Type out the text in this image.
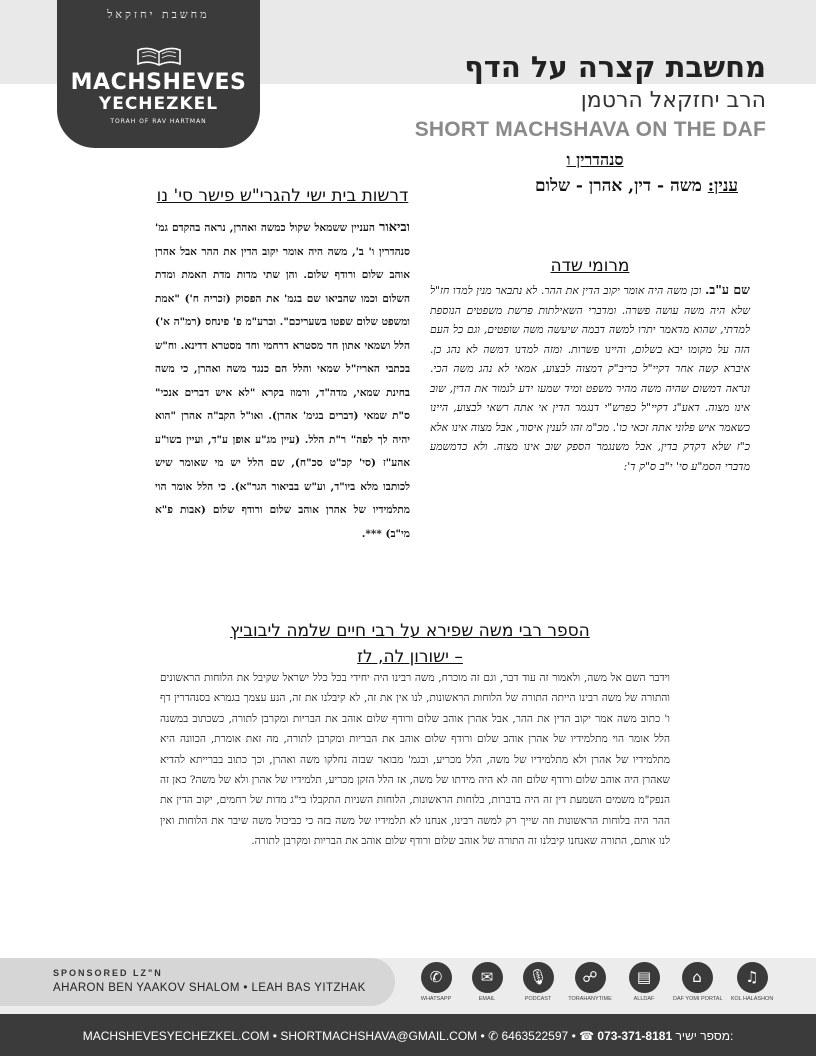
מחשבת יחזקאל
MACHSHEVES
YECHEZKEL
TORAH OF RAV HARTMAN
מחשבת קצרה על הדף
הרב יחזקאל הרטמן
SHORT MACHSHAVA ON THE DAF
סנהדרין ו
ענין: משה - דין, אהרן - שלום
דרשות בית ישי להגרי"ש פישר סי' נו

וביאור העניין ששמאל שקול כמשה ואהרן, נראה בהקדם גמ' סנהדרין ו' ב', משה היה אומר יקוב הדין את ההר אבל אהרן אוהב שלום ורודף שלום. והן שתי מדות מדת האמת ומדת השלום וכמו שהביאו שם בגמ' את הפסוק (זכריה ח') "אמת ומשפט שלום שפטו בשעריכם". וברע"מ פ' פינחס (רמ"ה א') הלל ושמאי אתון חד מסטרא דרחמי וחד מסטרא דדינא. וח"ש בכתבי האריז"ל שמאי והלל הם כנגד משה ואהרן, כי משה בחינת שמאי, מדה"ד, ורמוז בקרא "לא איש דברים אנכי" ס"ת שמאי (דברים בגימ' אהרן). ואו"ל הקב"ה אהרן "הוא יהיה לך לפה" ר"ת הלל. (עיין מג"ע אופן ע"ד, ועיין בשו"ע אהע"ז (סי' קכ"ט סכ"ח), שם הלל יש מי שאומר שיש לכותבו מלא ביו"ד, וע"ש בביאור הגר"א). כי הלל אומר הוי מתלמידיו של אהרן אוהב שלום ורודף שלום (אבות פ"א מי"ב) ***.

מרומי שדה

שם ע"ב. וכן משה היה אומר יקוב הדין את ההר. לא נתבאר מנין למדו חז"ל שלא היה משה עושה פשרה. ומדברי השאילתות פרשת משפטים הנוספת למדתי, שהוא מדאמר יתרו למשה דבמה שיעשה משה שופטים, וגם כל העם הזה על מקומו יבא בשלום, והיינו פשרות. ומזה למדנו דמשה לא נהג כן. איברא קשה אחר דקיי"ל כריב"ק דמצוה לבצוע, אמאי לא נהג משה הכי. ונראה דמשום שהיה משה מהיר משפט ומיד שמעו ידע לגמור את הדין, שוב אינו מצוה. דאע"ג דקיי"ל כפרש"י דנגמר הדין אי אתה רשאי לבצוע, היינו כשאמר איש פלוני אתה זכאי כו'. מכ"מ זהו לענין איסור, אבל מצוה אינו אלא כ"ז שלא דקדק בדין, אבל משנגמר הספק שוב אינו מצוה. ולא כדמשמע מדברי הסמ"ע סי' י"ב ס"ק ד':

הספר רבי משה שפירא על רבי חיים שלמה ליבוביץ
– ישורון לה, לז
וידבר השם אל משה, ולאמור זה עוד דבר, וגם זה מוכרח, משה רבינו היה יחידי בכל כלל ישראל שקיבל את הלוחות הראשונים והתורה של משה רבינו הייתה התורה של הלוחות הראשונות, לנו אין את זה, לא קיבלנו את זה, הנע עצמך בגמרא בסנהדרין דף ו' כתוב משה אמר יקוב הדין את ההר, אבל אהרן אוהב שלום ורודף שלום אוהב את הבריות ומקרבן לתורה, כשכתוב במשנה הלל אומר הוי מתלמידיו של אהרן אוהב שלום ורודף שלום אוהב את הבריות ומקרבן לתורה, מה זאת אומרת, הכוונה היא מתלמידיו של אהרן ולא מתלמידיו של משה, הלל מכריע, ובגמ' מבואר שבזה נחלקו משה ואהרן, וכך כתוב בברייתא להדיא שאהרן היה אוהב שלום ורודף שלום וזה לא היה מידתו של משה, אז הלל הזקן מכריע, תלמידיו של אהרן ולא של משה? כאן זה הנפק"מ משמים השמעת דין זה היה בדברות, בלוחות הראשונות, הלוחות השניות התקבלו בי"ג מדות של רחמים, יקוב הדין את ההר היה בלוחות הראשונות וזה שייך רק למשה רבינו, אנחנו לא תלמידיו של משה בזה כי כביכול משה שיבר את הלוחות ואין לנו אותם, התורה שאנחנו קיבלנו זה התורה של אוהב שלום ורודף שלום אוהב את הבריות ומקרבן לתורה.
SPONSORED LZ"N
AHARON BEN YAAKOV SHALOM • LEAH BAS YITZHAK
✆
WHATSAPP
✉
EMAIL
🎙
PODCAST
☍
TORAHANYTIME
▤
ALLDAF
⌂
DAF YOMI PORTAL
♫
KOL HALASHON
MACHSHEVESYECHEZKEL.COM • SHORTMACHSHAVA@GMAIL.COM • ✆ 6463522597 • ☎ 073-371-8181 מספר ישיר:
